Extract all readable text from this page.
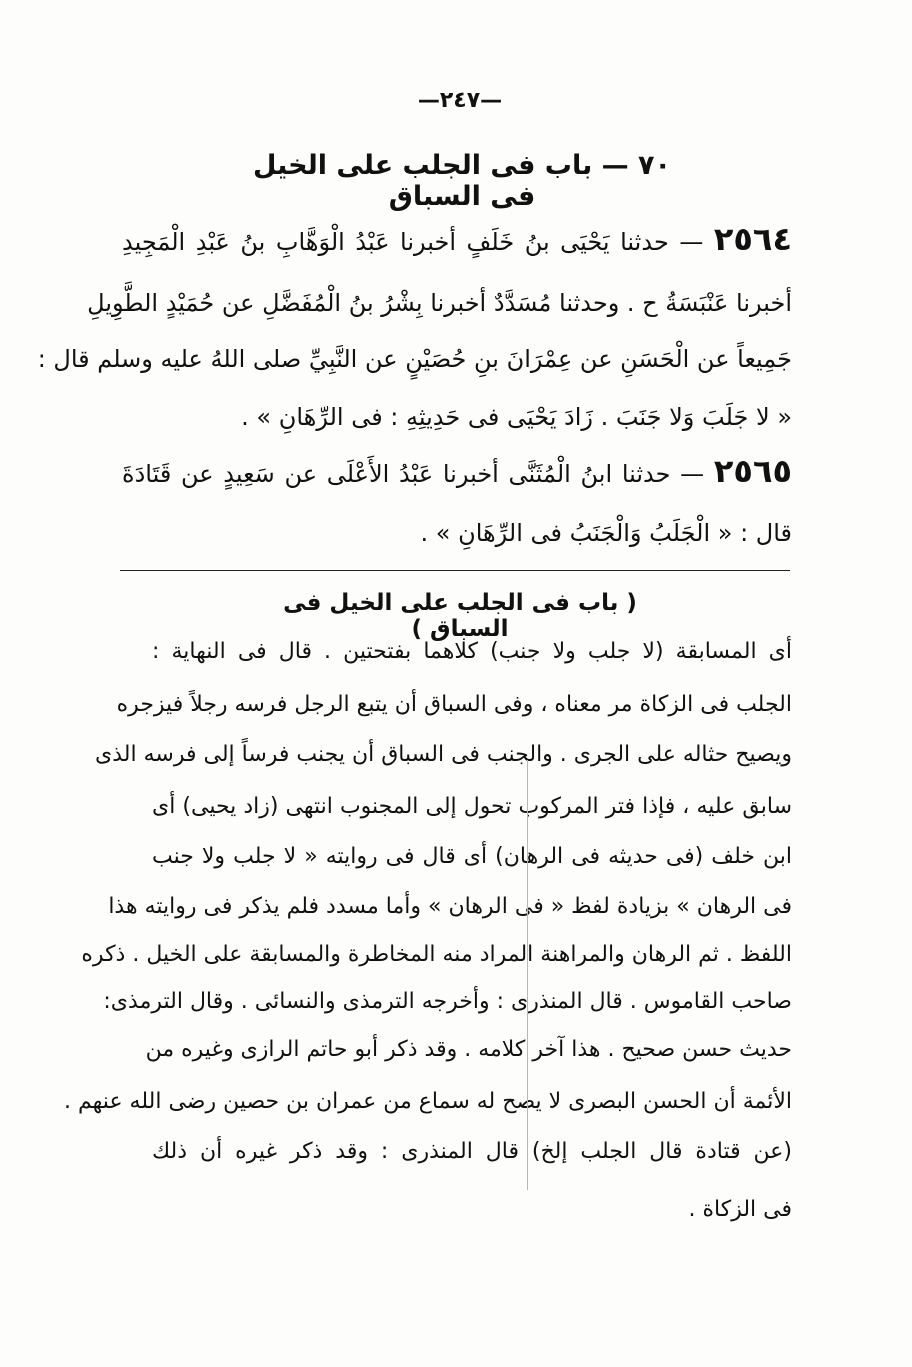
—٢٤٧—
٧٠ — باب فى الجلب على الخيل فى السباق
٢٥٦٤ — حدثنا يَحْيَى بنُ خَلَفٍ أخبرنا عَبْدُ الْوَهَّابِ بنُ عَبْدِ الْمَجِيدِ
أخبرنا عَنْبَسَةُ ح . وحدثنا مُسَدَّدٌ أخبرنا بِشْرُ بنُ الْمُفَضَّلِ عن حُمَيْدٍ الطَّوِيلِ
جَمِيعاً عن الْحَسَنِ عن عِمْرَانَ بنِ حُصَيْنٍ عن النَّبِيِّ صلى اللهُ عليه وسلم قال :
« لا جَلَبَ وَلا جَنَبَ . زَادَ يَحْيَى فى حَدِيثِهِ : فى الرِّهَانِ » .
٢٥٦٥ — حدثنا ابنُ الْمُثَنَّى أخبرنا عَبْدُ الأَعْلَى عن سَعِيدٍ عن قَتَادَةَ
قال : « الْجَلَبُ وَالْجَنَبُ فى الرِّهَانِ » .
( باب فى الجلب على الخيل فى السباق )
أى المسابقة (لا جلب ولا جنب) كلاهما بفتحتين . قال فى النهاية :
الجلب فى الزكاة مر معناه ، وفى السباق أن يتبع الرجل فرسه رجلاً فيزجره
ويصيح حثاله على الجرى . والجنب فى السباق أن يجنب فرساً إلى فرسه الذى
سابق عليه ، فإذا فتر المركوب تحول إلى المجنوب انتهى (زاد يحيى) أى
ابن خلف (فى حديثه فى الرهان) أى قال فى روايته « لا جلب ولا جنب
فى الرهان » بزيادة لفظ « فى الرهان » وأما مسدد فلم يذكر فى روايته هذا
اللفظ . ثم الرهان والمراهنة المراد منه المخاطرة والمسابقة على الخيل . ذكره
صاحب القاموس . قال المنذرى : وأخرجه الترمذى والنسائى . وقال الترمذى:
حديث حسن صحيح . هذا آخر كلامه . وقد ذكر أبو حاتم الرازى وغيره من
الأئمة أن الحسن البصرى لا يصح له سماع من عمران بن حصين رضى الله عنهم .
(عن قتادة قال الجلب إلخ) قال المنذرى : وقد ذكر غيره أن ذلك
فى الزكاة .
